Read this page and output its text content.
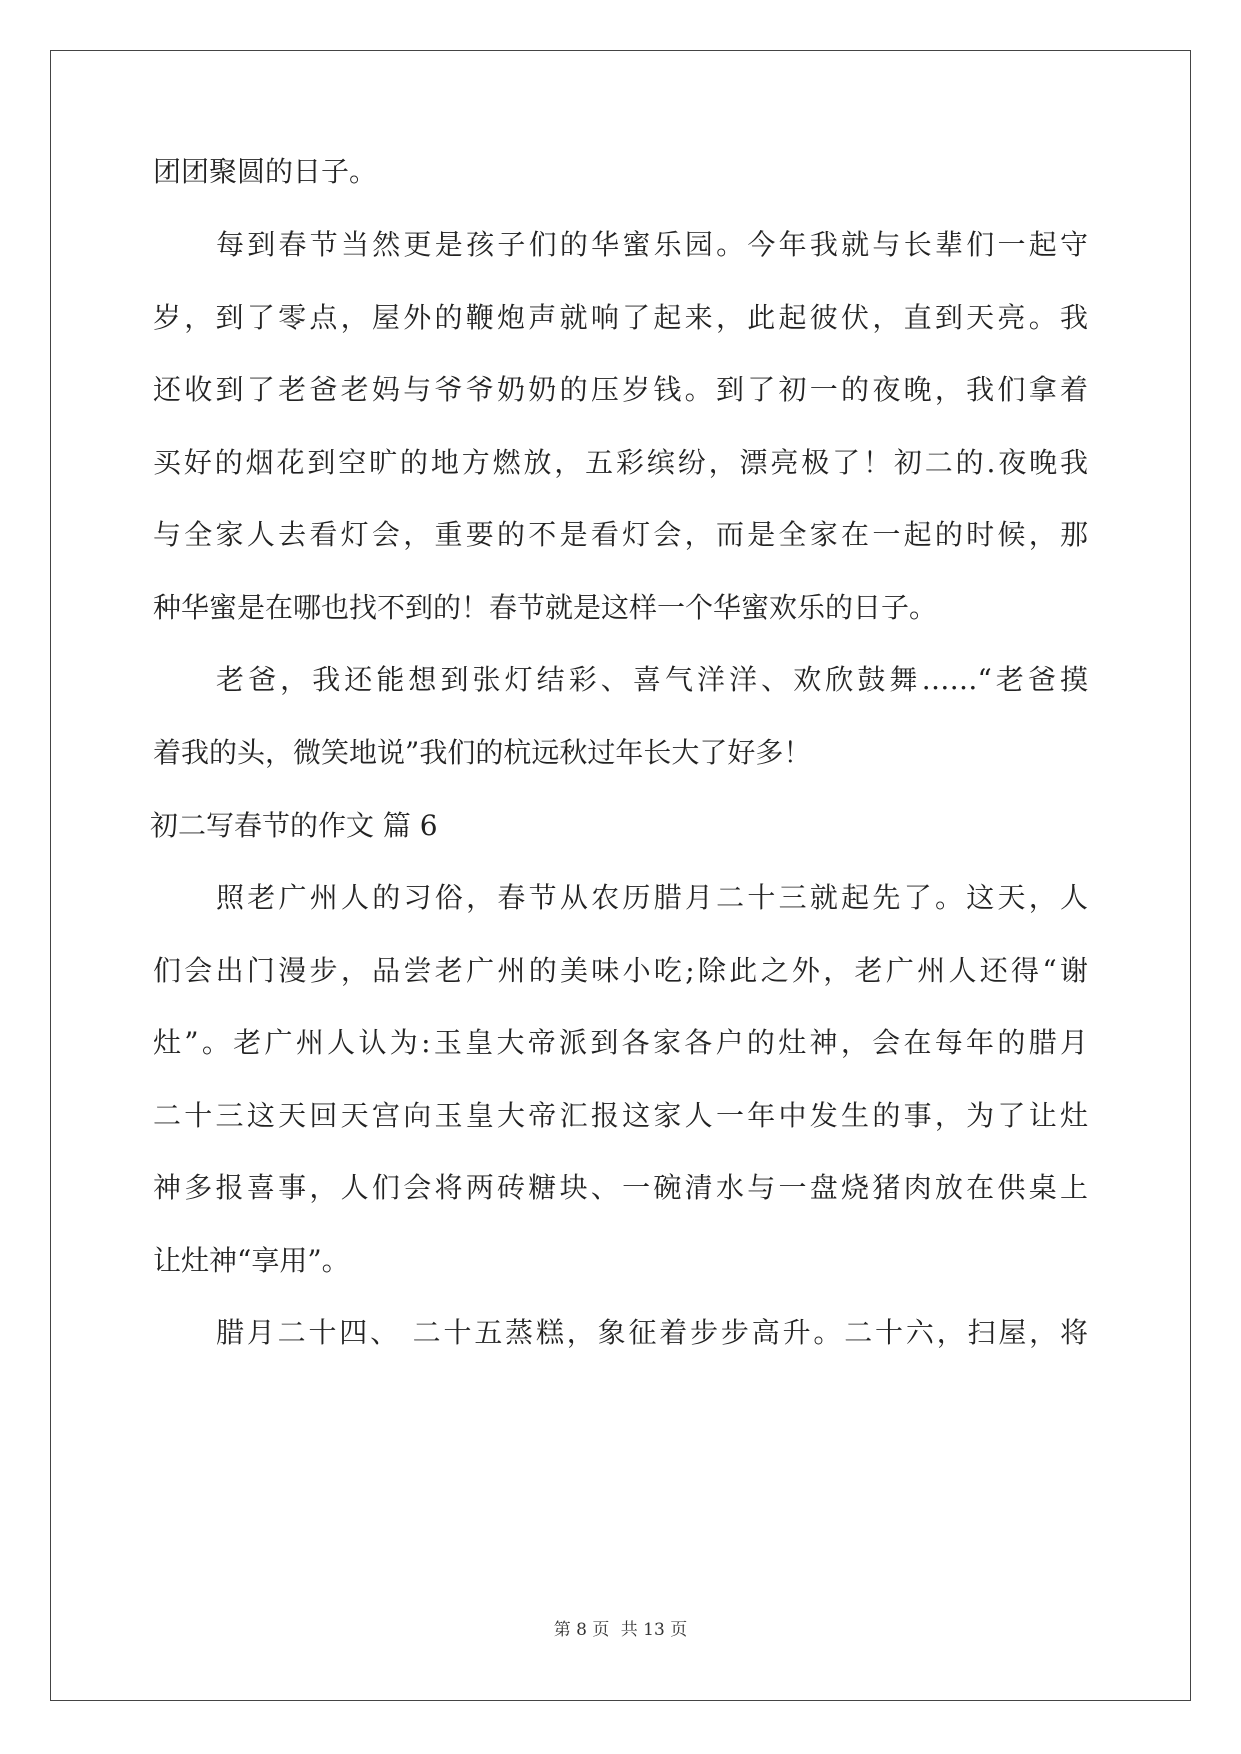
团团聚圆的日子。

每到春节当然更是孩子们的华蜜乐园。今年我就与长辈们一起守

岁，到了零点，屋外的鞭炮声就响了起来，此起彼伏，直到天亮。我

还收到了老爸老妈与爷爷奶奶的压岁钱。到了初一的夜晚，我们拿着

买好的烟花到空旷的地方燃放，五彩缤纷，漂亮极了！初二的.夜晚我

与全家人去看灯会，重要的不是看灯会，而是全家在一起的时候，那

种华蜜是在哪也找不到的！春节就是这样一个华蜜欢乐的日子。

老爸，我还能想到张灯结彩、喜气洋洋、欢欣鼓舞……“老爸摸

着我的头，微笑地说”我们的杭远秋过年长大了好多！

初二写春节的作文 篇 6

照老广州人的习俗，春节从农历腊月二十三就起先了。这天，人

们会出门漫步，品尝老广州的美味小吃;除此之外，老广州人还得“谢

灶”。老广州人认为:玉皇大帝派到各家各户的灶神，会在每年的腊月

二十三这天回天宫向玉皇大帝汇报这家人一年中发生的事，为了让灶

神多报喜事，人们会将两砖糖块、一碗清水与一盘烧猪肉放在供桌上

让灶神“享用”。

腊月二十四、 二十五蒸糕，象征着步步高升。二十六，扫屋，将

第 8 页 共 13 页
